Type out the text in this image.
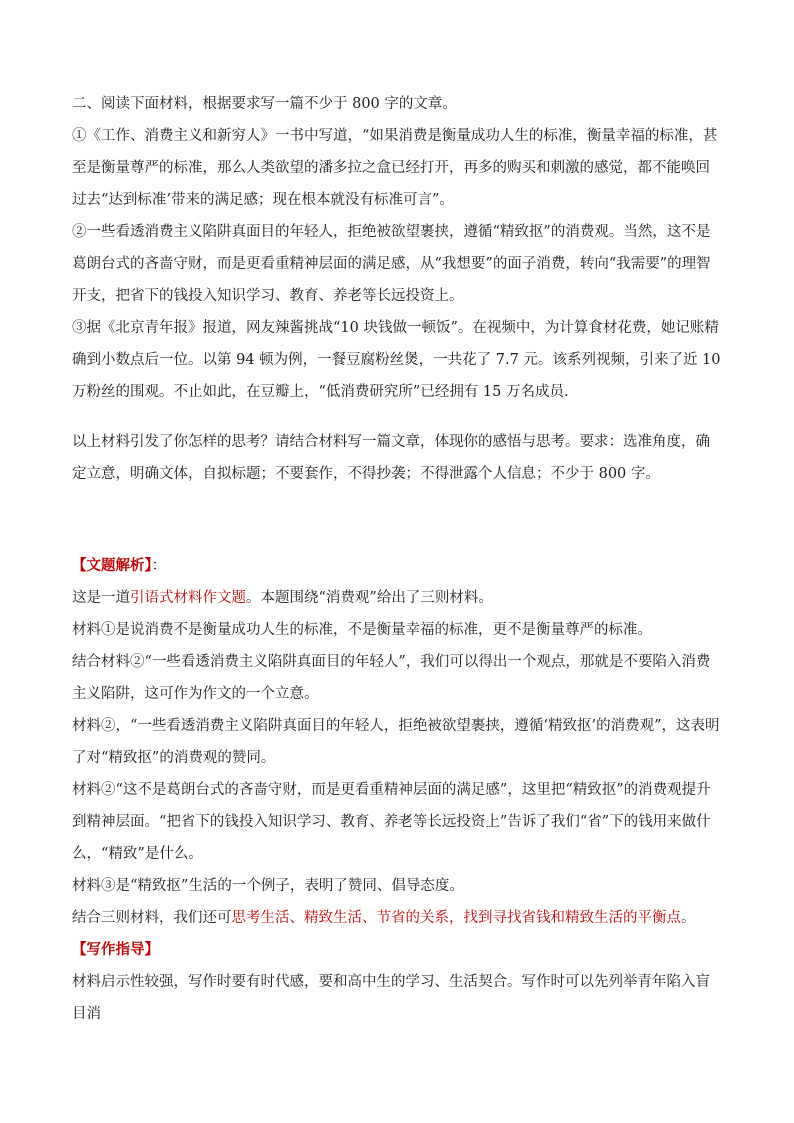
二、阅读下面材料，根据要求写一篇不少于 800 字的文章。

①《工作、消费主义和新穷人》一书中写道，“如果消费是衡量成功人生的标准，衡量幸福的标准，甚至是衡量尊严的标准，那么人类欲望的潘多拉之盒已经打开，再多的购买和刺激的感觉，都不能唤回过去“达到标准’带来的满足感；现在根本就没有标准可言”。

②一些看透消费主义陷阱真面目的年轻人，拒绝被欲望裹挟，遵循“精致抠”的消费观。当然，这不是葛朗台式的吝啬守财，而是更看重精神层面的满足感，从“我想要”的面子消费，转向“我需要”的理智开支，把省下的钱投入知识学习、教育、养老等长远投资上。

③据《北京青年报》报道，网友辣酱挑战“10 块钱做一顿饭”。在视频中，为计算食材花费，她记账精确到小数点后一位。以第 94 顿为例，一餐豆腐粉丝煲，一共花了 7.7 元。该系列视频，引来了近 10 万粉丝的围观。不止如此，在豆瓣上，“低消费研究所”已经拥有 15 万名成员.

以上材料引发了你怎样的思考？请结合材料写一篇文章，体现你的感悟与思考。要求：选准角度，确定立意，明确文体，自拟标题；不要套作，不得抄袭；不得泄露个人信息；不少于 800 字。

【文题解析】：

这是一道引语式材料作文题。本题围绕“消费观”给出了三则材料。

材料①是说消费不是衡量成功人生的标准，不是衡量幸福的标准，更不是衡量尊严的标准。

结合材料②“一些看透消费主义陷阱真面目的年轻人”，我们可以得出一个观点，那就是不要陷入消费主义陷阱，这可作为作文的一个立意。

材料②，“一些看透消费主义陷阱真面目的年轻人，拒绝被欲望裹挟，遵循‘精致抠’的消费观”，这表明了对“精致抠”的消费观的赞同。

材料②“这不是葛朗台式的吝啬守财，而是更看重精神层面的满足感”，这里把“精致抠”的消费观提升到精神层面。“把省下的钱投入知识学习、教育、养老等长远投资上”告诉了我们“省”下的钱用来做什么，“精致”是什么。

材料③是“精致抠”生活的一个例子，表明了赞同、倡导态度。

结合三则材料，我们还可思考生活、精致生活、节省的关系，找到寻找省钱和精致生活的平衡点。

【写作指导】

材料启示性较强，写作时要有时代感，要和高中生的学习、生活契合。写作时可以先列举青年陷入盲目消
